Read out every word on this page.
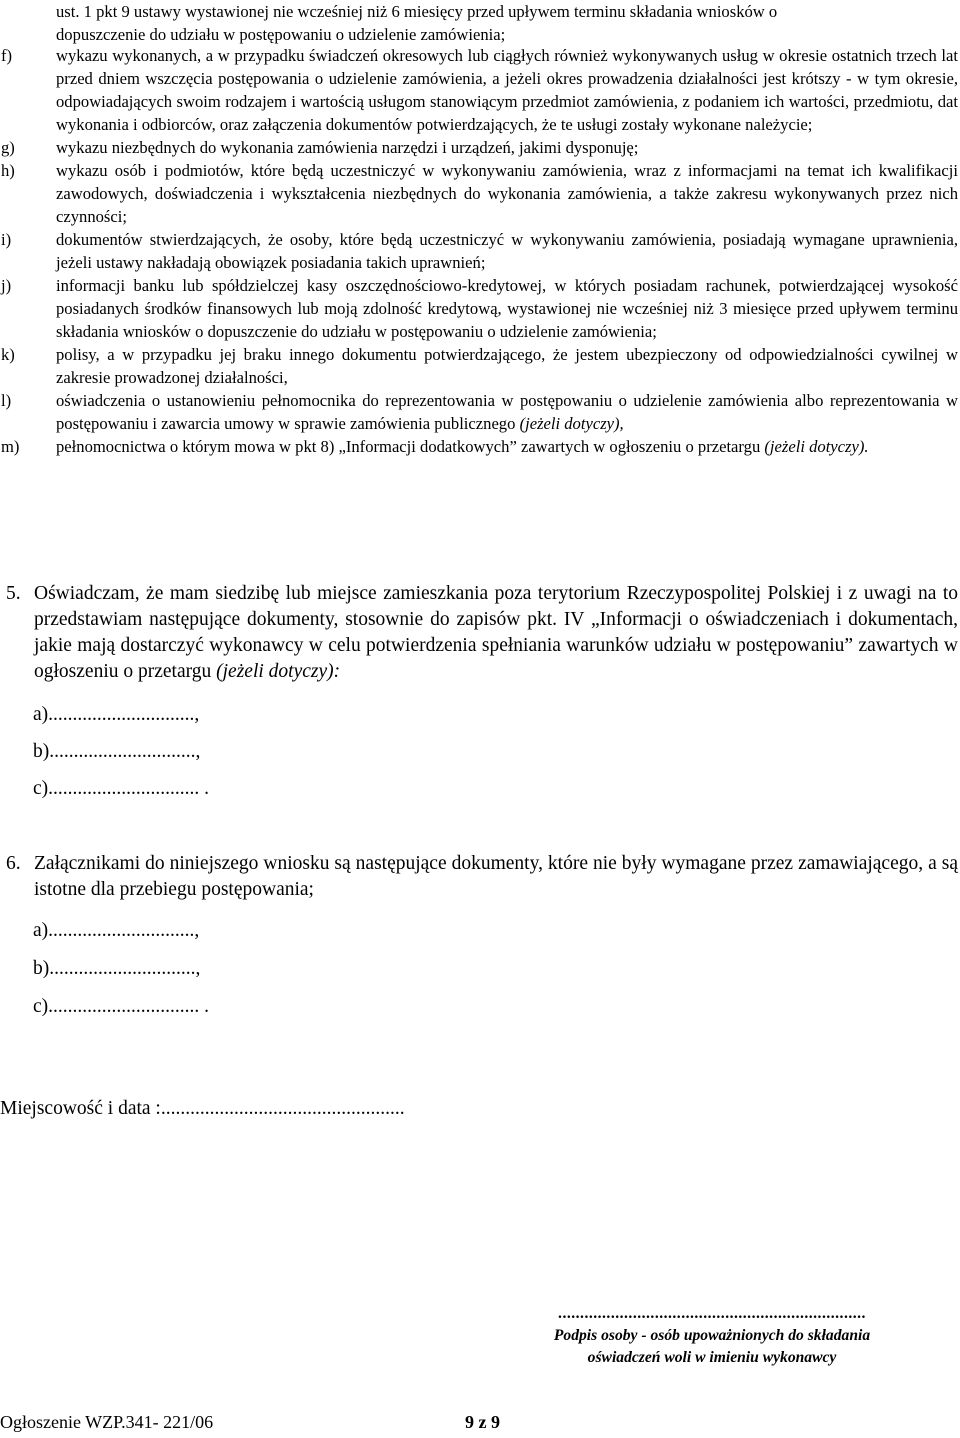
ust. 1 pkt 9 ustawy wystawionej nie wcześniej niż 6 miesięcy przed upływem terminu składania wniosków o
dopuszczenie do udziału w postępowaniu o udzielenie zamówienia;
f)	wykazu wykonanych, a w przypadku świadczeń okresowych lub ciągłych również wykonywanych usług w okresie ostatnich trzech lat przed dniem wszczęcia postępowania o udzielenie zamówienia, a jeżeli okres prowadzenia działalności jest krótszy - w tym okresie, odpowiadających swoim rodzajem i wartością usługom stanowiącym przedmiot zamówienia, z podaniem ich wartości, przedmiotu, dat wykonania i odbiorców, oraz załączenia dokumentów potwierdzających, że te usługi zostały wykonane należycie;
g)	wykazu niezbędnych do wykonania zamówienia narzędzi i urządzeń, jakimi dysponuję;
h)	wykazu osób i podmiotów, które będą uczestniczyć w wykonywaniu zamówienia, wraz z informacjami na temat ich kwalifikacji zawodowych, doświadczenia i wykształcenia niezbędnych do wykonania zamówienia, a także zakresu wykonywanych przez nich czynności;
i)	dokumentów stwierdzających, że osoby, które będą uczestniczyć w wykonywaniu zamówienia, posiadają wymagane uprawnienia, jeżeli ustawy nakładają obowiązek posiadania takich uprawnień;
j)	informacji banku lub spółdzielczej kasy oszczędnościowo-kredytowej, w których posiadam rachunek, potwierdzającej wysokość posiadanych środków finansowych lub moją zdolność kredytową, wystawionej nie wcześniej niż 3 miesięce przed upływem terminu składania wniosków o dopuszczenie do udziału w postępowaniu o udzielenie zamówienia;
k)	polisy, a w przypadku jej braku innego dokumentu potwierdzającego, że jestem ubezpieczony od odpowiedzialności cywilnej w zakresie prowadzonej działalności,
l)	oświadczenia o ustanowieniu pełnomocnika do reprezentowania w postępowaniu o udzielenie zamówienia albo reprezentowania w postępowaniu i zawarcia umowy w sprawie zamówienia publicznego (jeżeli dotyczy),
m)	pełnomocnictwa o którym mowa w pkt 8) „Informacji dodatkowych” zawartych w ogłoszeniu o przetargu (jeżeli dotyczy).
5. Oświadczam, że mam siedzibę lub miejsce zamieszkania poza terytorium Rzeczypospolitej Polskiej i z uwagi na to przedstawiam następujące dokumenty, stosownie do zapisów pkt. IV „Informacji o oświadczeniach i dokumentach, jakie mają dostarczyć wykonawcy w celu potwierdzenia spełniania warunków udziału w postępowaniu” zawartych w ogłoszeniu o przetargu (jeżeli dotyczy):
a)..............................,
b)..............................,
c)............................... .
6. Załącznikami do niniejszego wniosku są następujące dokumenty, które nie były wymagane przez zamawiającego, a są istotne dla przebiegu postępowania;
a)..............................,
b)..............................,
c)............................... .
Miejscowość i data :..................................................
......................................................................
Podpis osoby - osób upoważnionych do składania
oświadczeń woli w imieniu wykonawcy
Ogłoszenie WZP.341- 221/06	9 z 9
